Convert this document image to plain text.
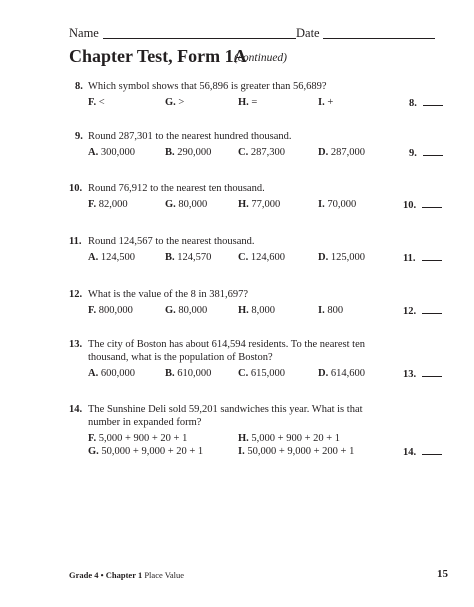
Name	Date
Chapter Test, Form 1A
(continued)
8. Which symbol shows that 56,896 is greater than 56,689?
F. <	G. >	H. =	I. +	8.
9. Round 287,301 to the nearest hundred thousand.
A. 300,000	B. 290,000	C. 287,300	D. 287,000	9.
10. Round 76,912 to the nearest ten thousand.
F. 82,000	G. 80,000	H. 77,000	I. 70,000	10.
11. Round 124,567 to the nearest thousand.
A. 124,500	B. 124,570	C. 124,600	D. 125,000	11.
12. What is the value of the 8 in 381,697?
F. 800,000	G. 80,000	H. 8,000	I. 800	12.
13. The city of Boston has about 614,594 residents. To the nearest ten
thousand, what is the population of Boston?
A. 600,000	B. 610,000	C. 615,000	D. 614,600	13.
14. The Sunshine Deli sold 59,201 sandwiches this year. What is that
number in expanded form?
F. 5,000 + 900 + 20 + 1	H. 5,000 + 900 + 20 + 1
G. 50,000 + 9,000 + 20 + 1	I. 50,000 + 9,000 + 200 + 1	14.
Grade 4 • Chapter 1 Place Value	15
